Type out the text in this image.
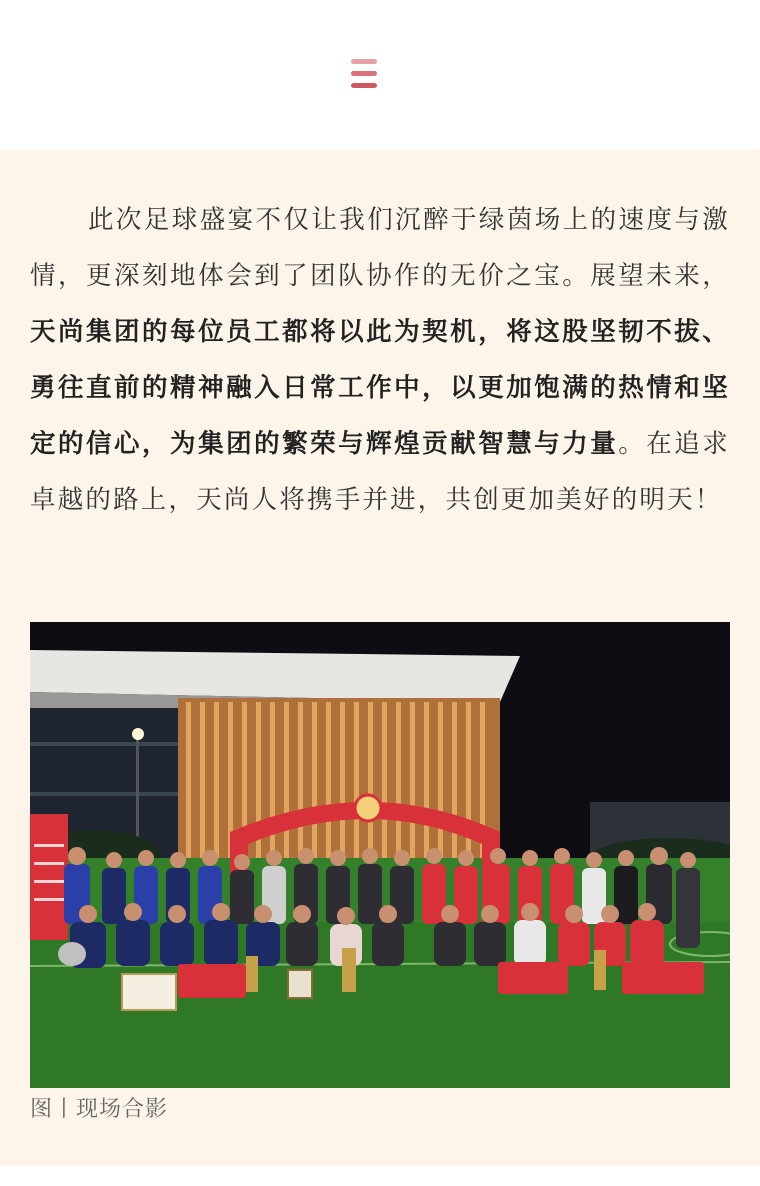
此次足球盛宴不仅让我们沉醉于绿茵场上的速度与激情，更深刻地体会到了团队协作的无价之宝。展望未来，天尚集团的每位员工都将以此为契机，将这股坚韧不拔、勇往直前的精神融入日常工作中，以更加饱满的热情和坚定的信心，为集团的繁荣与辉煌贡献智慧与力量。在追求卓越的路上，天尚人将携手并进，共创更加美好的明天！

图丨现场合影
